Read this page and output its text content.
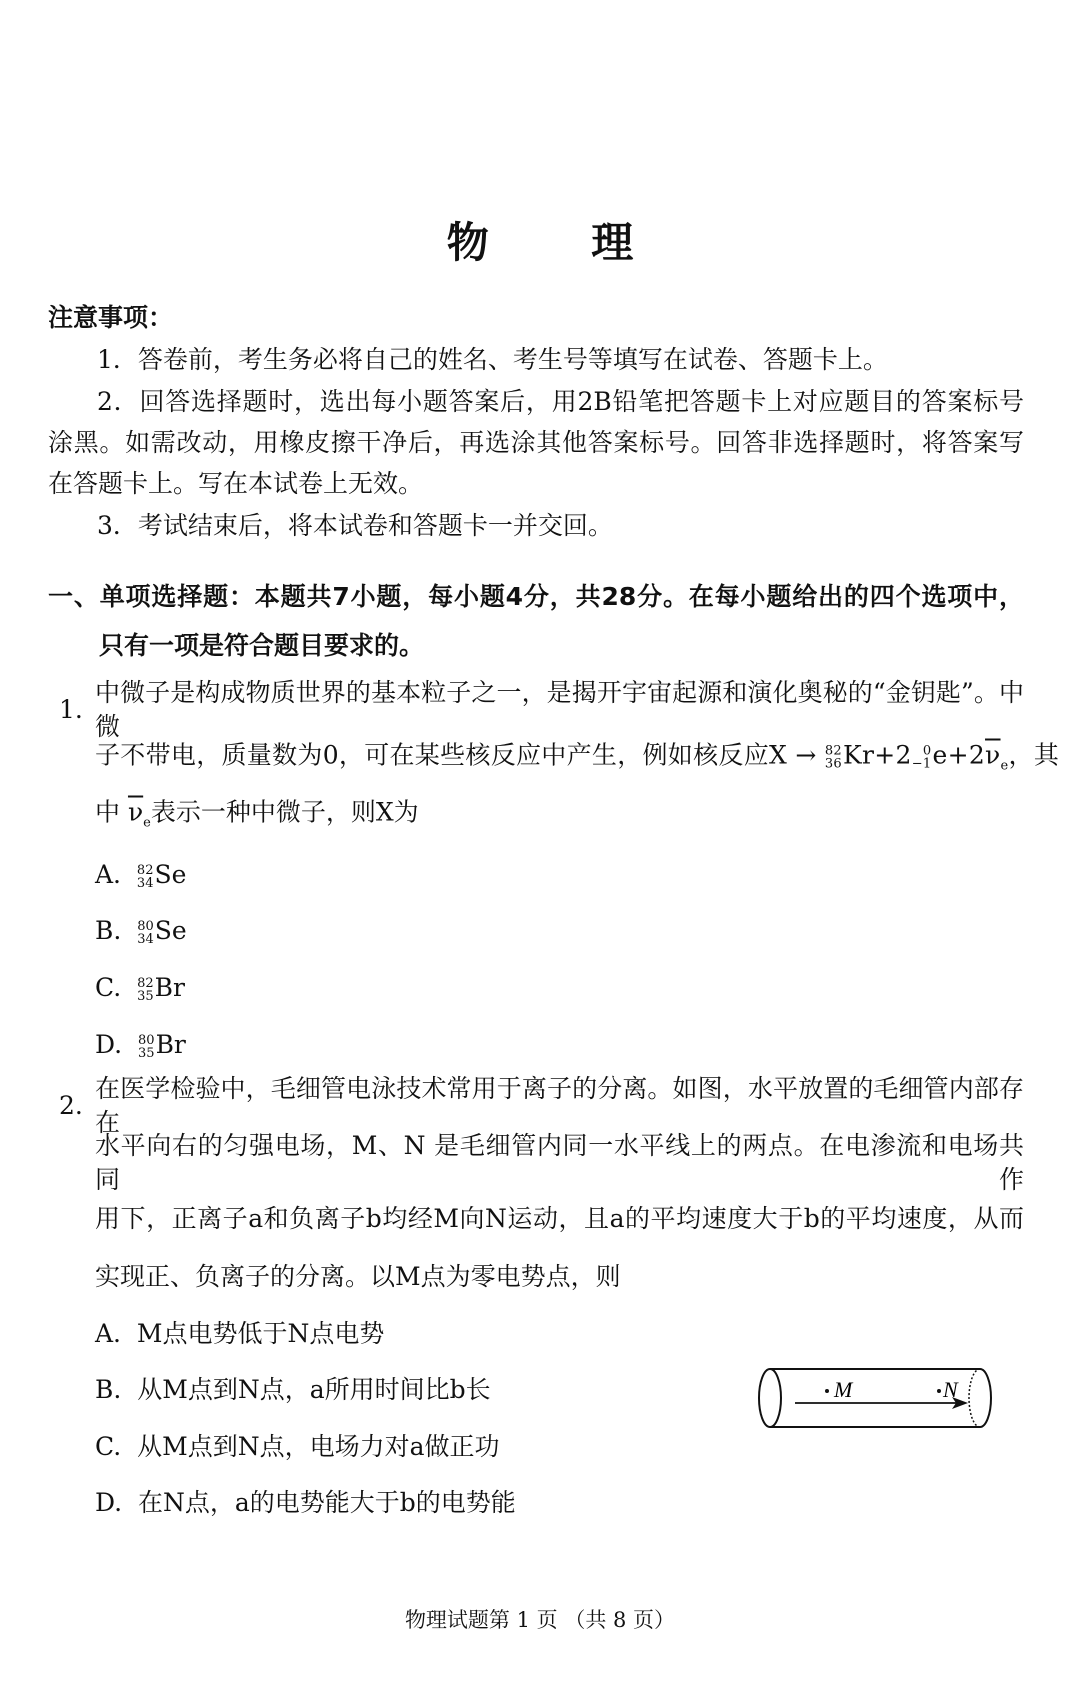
物 理
注意事项：
1．答卷前，考生务必将自己的姓名、考生号等填写在试卷、答题卡上。
2．回答选择题时，选出每小题答案后，用2B铅笔把答题卡上对应题目的答案标号
涂黑。如需改动，用橡皮擦干净后，再选涂其他答案标号。回答非选择题时，将答案写
在答题卡上。写在本试卷上无效。
3．考试结束后，将本试卷和答题卡一并交回。
一、单项选择题：本题共7小题，每小题4分，共28分。在每小题给出的四个选项中，
只有一项是符合题目要求的。
1.
中微子是构成物质世界的基本粒子之一，是揭开宇宙起源和演化奥秘的“金钥匙”。中微
子不带电，质量数为0，可在某些核反应中产生，例如核反应X → 82
36 Kr+2 0
−1 $e+2\overline{\nu}_e$，其
中 $\overline{\nu}_e$表示一种中微子，则X为
A. 82
34 Se
B. 80
34 Se
C. 82
35 Br
D. 80
35 Br
2.
在医学检验中，毛细管电泳技术常用于离子的分离。如图，水平放置的毛细管内部存在
水平向右的匀强电场，M、N 是毛细管内同一水平线上的两点。在电渗流和电场共同作
用下，正离子a和负离子b均经M向N运动，且a的平均速度大于b的平均速度，从而
实现正、负离子的分离。以M点为零电势点，则
A. M点电势低于N点电势
B. 从M点到N点，a所用时间比b长
C. 从M点到N点，电场力对a做正功
D. 在N点，a的电势能大于b的电势能
M	N
物理试题第 1 页 （共 8 页）
